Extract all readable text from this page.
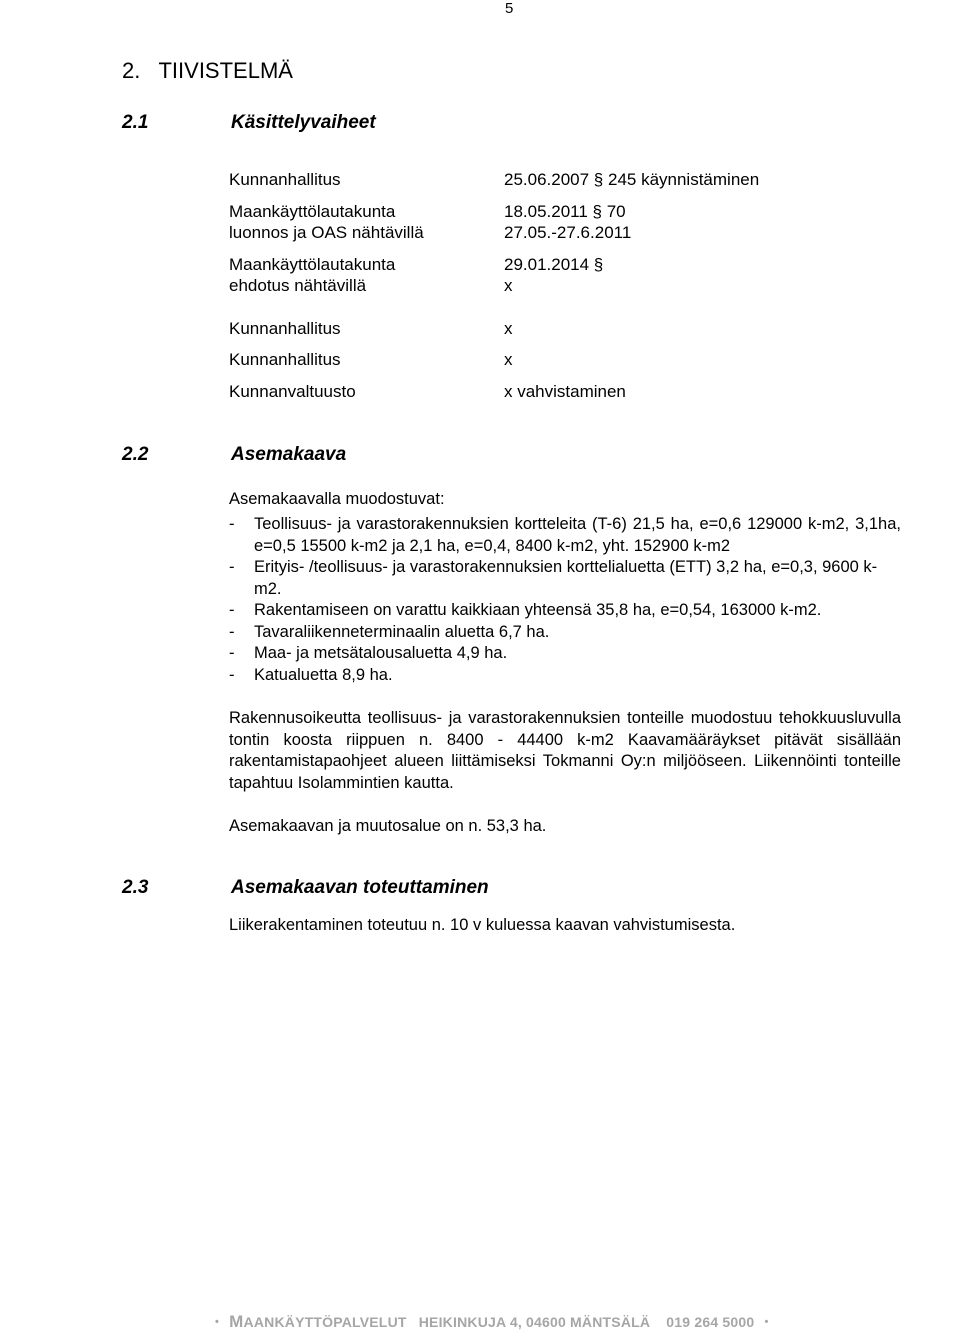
5
2. TIIVISTELMÄ
2.1	Käsittelyvaiheet
Kunnanhallitus	25.06.2007 § 245 käynnistäminen
Maankäyttölautakunta	18.05.2011 § 70
luonnos ja OAS nähtävillä	27.05.-27.6.2011
Maankäyttölautakunta	29.01.2014 §
ehdotus nähtävillä	x
Kunnanhallitus	x
Kunnanhallitus	x
Kunnanvaltuusto	x vahvistaminen
2.2	Asemakaava
Asemakaavalla muodostuvat:
- Teollisuus- ja varastorakennuksien kortteleita (T-6) 21,5 ha, e=0,6 129000 k-m2, 3,1ha, e=0,5 15500 k-m2 ja 2,1 ha, e=0,4, 8400 k-m2, yht. 152900 k-m2
- Erityis- /teollisuus- ja varastorakennuksien korttelialuetta (ETT) 3,2 ha, e=0,3, 9600 k-m2.
- Rakentamiseen on varattu kaikkiaan yhteensä 35,8 ha, e=0,54, 163000 k-m2.
- Tavaraliikenneterminaalin aluetta 6,7 ha.
- Maa- ja metsätalousaluetta 4,9 ha.
- Katualuetta 8,9 ha.
Rakennusoikeutta teollisuus- ja varastorakennuksien tonteille muodostuu tehokkuusluvulla tontin koosta riippuen n. 8400 - 44400 k-m2 Kaavamääräykset pitävät sisällään rakentamistapaohjeet alueen liittämiseksi Tokmanni Oy:n miljööseen. Liikennöinti tonteille tapahtuu Isolammintien kautta.
Asemakaavan ja muutosalue on n. 53,3 ha.
2.3	Asemakaavan toteuttaminen
Liikerakentaminen toteutuu n. 10 v kuluessa kaavan vahvistumisesta.
• MAANKÄYTTÖPALVELUT HEIKINKUJA 4, 04600 MÄNTSÄLÄ 019 264 5000 •
